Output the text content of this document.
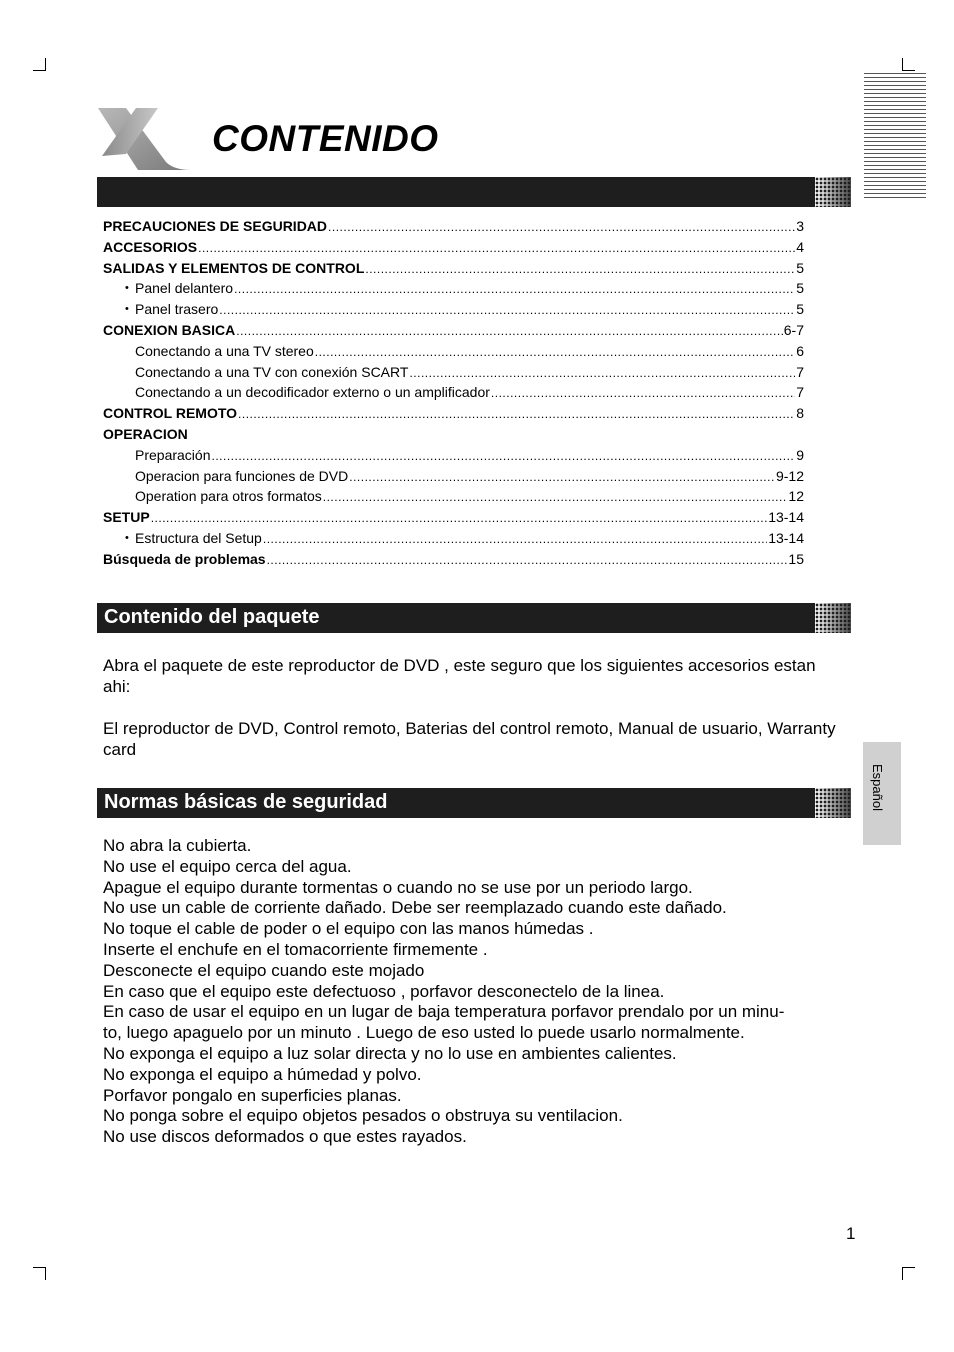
CONTENIDO
PRECAUCIONES DE SEGURIDAD .....	3
ACCESORIOS .....	4
SALIDAS Y ELEMENTOS DE CONTROL .....	5
• Panel delantero .....	5
• Panel trasero .....	5
CONEXION BASICA .....	6-7
Conectando a una TV stereo .....	6
Conectando a una TV con conexión SCART .....	7
Conectando a un decodificador externo o un amplificador .....	7
CONTROL REMOTO .....	8
OPERACION
Preparación .....	9
Operacion para funciones de DVD .....	9-12
Operation para otros formatos .....	12
SETUP .....	13-14
• Estructura del Setup .....	13-14
Búsqueda de problemas .....	15
Contenido del paquete
Abra el paquete de este reproductor de DVD , este seguro que los siguientes accesorios estan ahi:
El reproductor de DVD, Control remoto, Baterias del control remoto, Manual de usuario, Warranty card
Normas básicas de seguridad
No abra la cubierta.
No use el equipo cerca del agua.
Apague el equipo durante tormentas o cuando no se use por un periodo largo.
No use un cable de corriente dañado. Debe ser reemplazado cuando este dañado.
No toque el cable de poder o el equipo con las manos húmedas .
Inserte el enchufe en el tomacorriente firmemente .
Desconecte el equipo cuando este mojado
En caso que el equipo este defectuoso , porfavor desconectelo de la linea.
En caso de usar el equipo en un lugar de baja temperatura porfavor prendalo por un minu-
to, luego apaguelo por un minuto . Luego de eso usted lo puede usarlo normalmente.
No exponga el equipo a luz solar directa y no lo use en ambientes calientes.
No exponga el equipo a húmedad y polvo.
Porfavor pongalo en superficies planas.
No ponga sobre el equipo objetos pesados o obstruya su ventilacion.
No use discos deformados o que estes rayados.
Español
1
